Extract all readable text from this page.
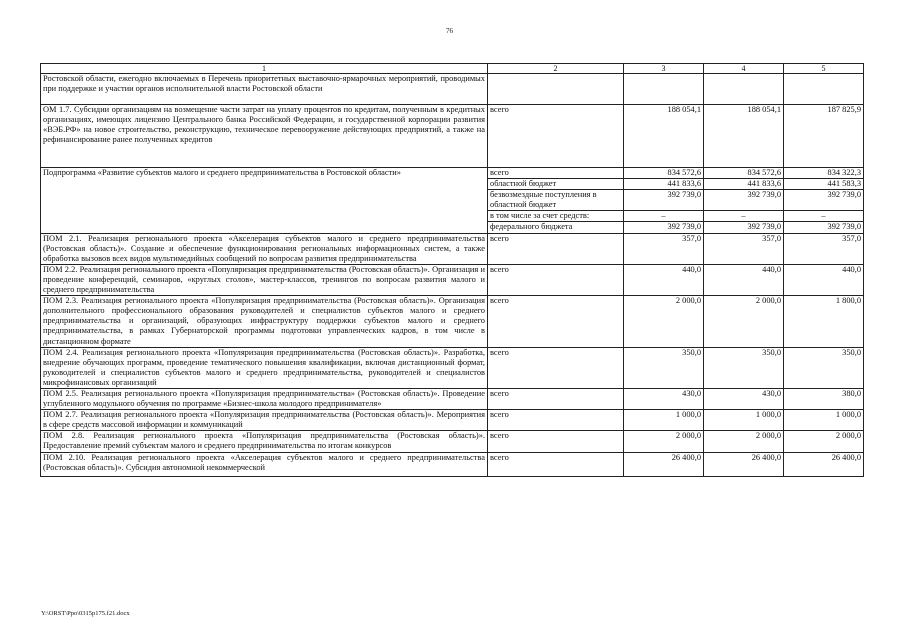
76
1	2	3	4	5
Ростовской области, ежегодно включаемых в Перечень приоритетных выставочно-ярмарочных мероприятий, проводимых при поддержке и участии органов исполнительной власти Ростовской области				
ОМ 1.7. Субсидии организациям на возмещение части затрат на уплату процентов по кредитам, полученным в кредитных организациях, имеющих лицензию Центрального банка Российской Федерации, и государственной корпорации развития «ВЭБ.РФ» на новое строительство, реконструкцию, техническое перевооружение действующих предприятий, а также на рефинансирование ранее полученных кредитов	всего	188 054,1	188 054,1	187 825,9
Подпрограмма «Развитие субъектов малого и среднего предпринимательства в Ростовской области»	всего	834 572,6	834 572,6	834 322,3
	областной бюджет	441 833,6	441 833,6	441 583,3
	безвозмездные поступления в областной бюджет	392 739,0	392 739,0	392 739,0
	в том числе за счет средств:	–	–	–
	федерального бюджета	392 739,0	392 739,0	392 739,0
ПОМ 2.1. Реализация регионального проекта «Акселерация субъектов малого и среднего предпринимательства (Ростовская область)». Создание и обеспечение функционирования региональных информационных систем, а также обработка вызовов всех видов мультимедийных сообщений по вопросам развития предпринимательства	всего	357,0	357,0	357,0
ПОМ 2.2. Реализация регионального проекта «Популяризация предпринимательства (Ростовская область)». Организация и проведение конференций, семинаров, «круглых столов», мастер-классов, тренингов по вопросам развития малого и среднего предпринимательства	всего	440,0	440,0	440,0
ПОМ 2.3. Реализация регионального проекта «Популяризация предпринимательства (Ростовская область)». Организация дополнительного профессионального образования руководителей и специалистов субъектов малого и среднего предпринимательства и организаций, образующих инфраструктуру поддержки субъектов малого и среднего предпринимательства, в рамках Губернаторской программы подготовки управленческих кадров, в том числе в дистанционном формате	всего	2 000,0	2 000,0	1 800,0
ПОМ 2.4. Реализация регионального проекта «Популяризация предпринимательства (Ростовская область)». Разработка, внедрение обучающих программ, проведение тематического повышения квалификации, включая дистанционный формат, руководителей и специалистов субъектов малого и среднего предпринимательства, руководителей и специалистов микрофинансовых организаций	всего	350,0	350,0	350,0
ПОМ 2.5. Реализация регионального проекта «Популяризация предпринимательства» (Ростовская область)». Проведение углубленного модульного обучения по программе «Бизнес-школа молодого предпринимателя»	всего	430,0	430,0	380,0
ПОМ 2.7. Реализация регионального проекта «Популяризация предпринимательства (Ростовская область)». Мероприятия в сфере средств массовой информации и коммуникаций	всего	1 000,0	1 000,0	1 000,0
ПОМ 2.8. Реализация регионального проекта «Популяризация предпринимательства (Ростовская область)». Предоставление премий субъектам малого и среднего предпринимательства по итогам конкурсов	всего	2 000,0	2 000,0	2 000,0

ПОМ 2.10. Реализация регионального проекта «Акселерация субъектов малого и среднего предпринимательства (Ростовская область)». Субсидия автономной некоммерческой	всего	26 400,0	26 400,0	26 400,0
Y:\ORST\Ppo\0315p175.f21.docx
